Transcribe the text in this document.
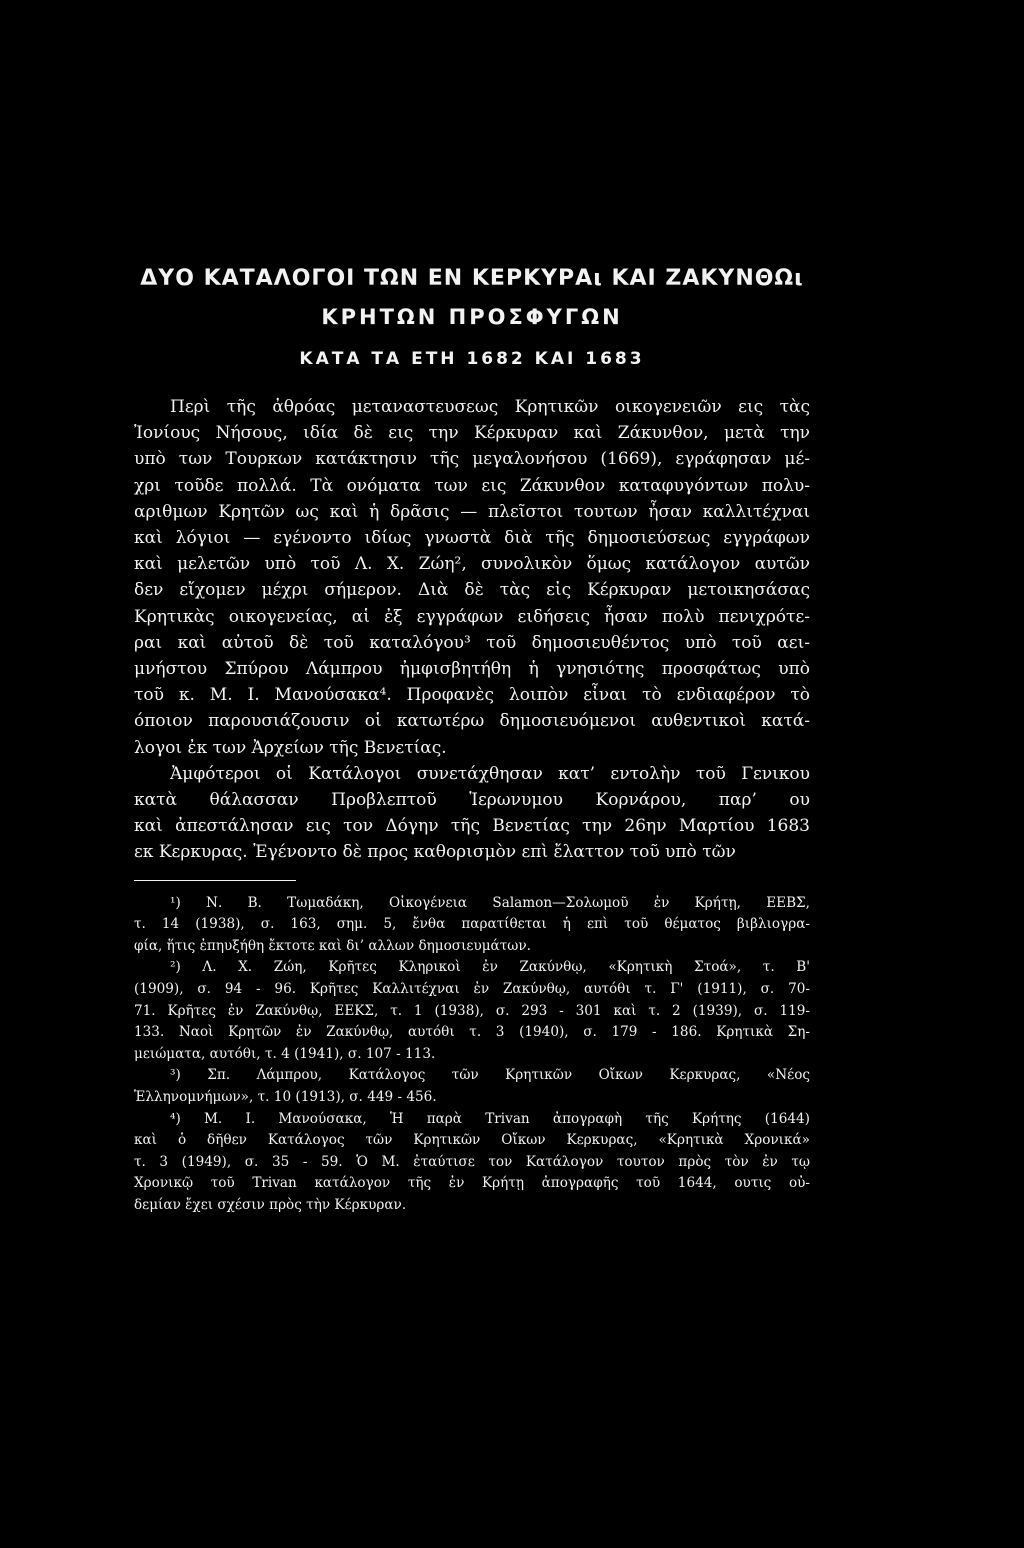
ΔΥΟ ΚΑΤΑΛΟΓΟΙ ΤΩΝ ΕΝ ΚΕΡΚΥΡΑι ΚΑΙ ΖΑΚΥΝΘΩι
ΚΡΗΤΩΝ ΠΡΟΣΦΥΓΩΝ
ΚΑΤΑ ΤΑ ΕΤΗ 1682 ΚΑΙ 1683
Περὶ τῆς ἀθρόας μεταναστευσεως Κρητικῶν οικογενειῶν εις τὰς
Ἰονίους Νήσους, ιδία δὲ εις την Κέρκυραν καὶ Ζάκυνθον, μετὰ την
υπὸ των Τουρκων κατάκτησιν τῆς μεγαλονήσου (1669), εγράφησαν μέ-
χρι τοῦδε πολλά. Τὰ ονόματα των εις Ζάκυνθον καταφυγόντων πολυ-
αριθμων Κρητῶν ως καὶ ἡ δρᾶσις — πλεῖστοι τουτων ἦσαν καλλιτέχναι
καὶ λόγιοι — εγένοντο ιδίως γνωστὰ διὰ τῆς δημοσιεύσεως εγγράφων
καὶ μελετῶν υπὸ τοῦ Λ. Χ. Ζώη², συνολικὸν ὅμως κατάλογον αυτῶν
δεν εἴχομεν μέχρι σήμερον. Διὰ δὲ τὰς εἰς Κέρκυραν μετοικησάσας
Κρητικὰς οικογενείας, αἱ ἐξ εγγράφων ειδήσεις ἦσαν πολὺ πενιχρότε-
ραι καὶ αὐτοῦ δὲ τοῦ καταλόγου³ τοῦ δημοσιευθέντος υπὸ τοῦ αει-
μνήστου Σπύρου Λάμπρου ἠμφισβητήθη ἡ γνησιότης προσφάτως υπὸ
τοῦ κ. Μ. Ι. Μανούσακα⁴. Προφανὲς λοιπὸν εἶναι τὸ ενδιαφέρον τὸ
όποιον παρουσιάζουσιν οἱ κατωτέρω δημοσιευόμενοι αυθεντικοὶ κατά-
λογοι ἐκ των Ἀρχείων τῆς Βενετίας.
Ἀμφότεροι οἱ Κατάλογοι συνετάχθησαν κατ’ εντολὴν τοῦ Γενικου
κατὰ θάλασσαν Προβλεπτοῦ Ἱερωνυμου Κορνάρου, παρ’ ου
καὶ ἀπεστάλησαν εις τον Δόγην τῆς Βενετίας την 26ην Μαρτίου 1683
εκ Κερκυρας. Ἐγένοντο δὲ προς καθορισμὸν επὶ ἔλαττον τοῦ υπὸ τῶν
¹) Ν. Β. Τωμαδάκη, Οἰκογένεια Salamon—Σολωμοῦ ἐν Κρήτῃ, ΕΕΒΣ,
τ. 14 (1938), σ. 163, σημ. 5, ἔνθα παρατίθεται ἡ επὶ τοῦ θέματος βιβλιογρα-
φία, ἥτις ἐπηυξήθη ἔκτοτε καὶ δι’ αλλων δημοσιευμάτων.
²) Λ. Χ. Ζώη, Κρῆτες Κληρικοὶ ἐν Ζακύνθῳ, «Κρητικὴ Στοά», τ. Β'
(1909), σ. 94 - 96. Κρῆτες Καλλιτέχναι ἐν Ζακύνθῳ, αυτόθι τ. Γ' (1911), σ. 70-
71. Κρῆτες ἐν Ζακύνθῳ, ΕΕΚΣ, τ. 1 (1938), σ. 293 - 301 καὶ τ. 2 (1939), σ. 119-
133. Ναοὶ Κρητῶν ἐν Ζακύνθῳ, αυτόθι τ. 3 (1940), σ. 179 - 186. Κρητικὰ Ση-
μειώματα, αυτόθι, τ. 4 (1941), σ. 107 - 113.
³) Σπ. Λάμπρου, Κατάλογος τῶν Κρητικῶν Οἴκων Κερκυρας, «Νέος
Ἑλληνομνήμων», τ. 10 (1913), σ. 449 - 456.
⁴) Μ. Ι. Μανούσακα, Ἡ παρὰ Trivan ἀπογραφὴ τῆς Κρήτης (1644)
καὶ ὁ δῆθεν Κατάλογος τῶν Κρητικῶν Οἴκων Κερκυρας, «Κρητικὰ Χρονικά»
τ. 3 (1949), σ. 35 - 59. Ὁ Μ. ἐταύτισε τον Κατάλογον τουτον πρὸς τὸν ἐν τῳ
Χρονικῷ τοῦ Trivan κατάλογον τῆς ἐν Κρήτῃ ἀπογραφῆς τοῦ 1644, ουτις οὐ-
δεμίαν ἔχει σχέσιν πρὸς τὴν Κέρκυραν.
